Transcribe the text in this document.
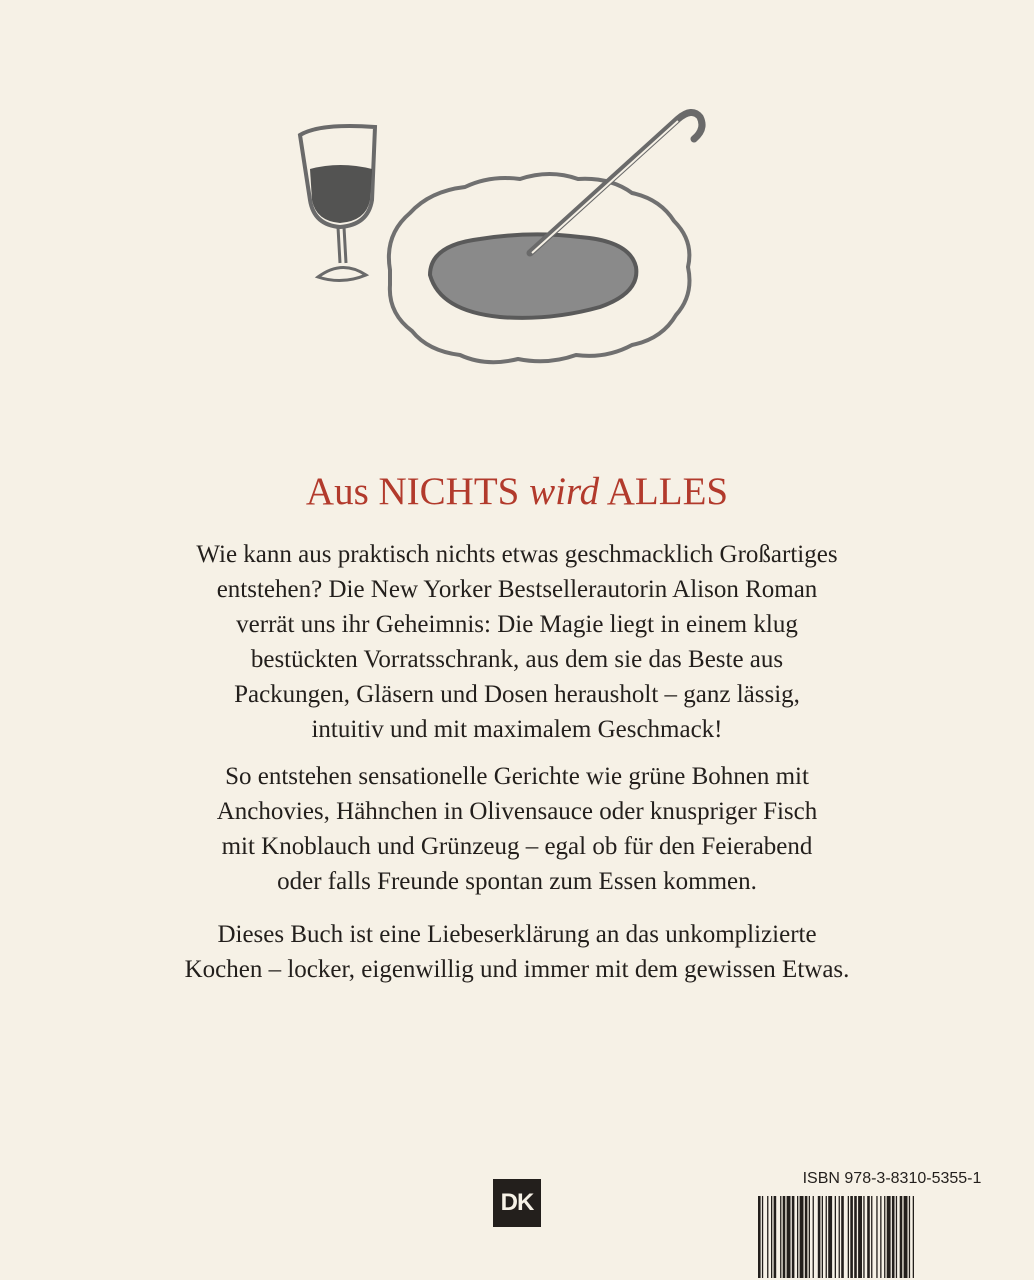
Aus NICHTS wird ALLES

Wie kann aus praktisch nichts etwas geschmacklich Großartiges
entstehen? Die New Yorker Bestsellerautorin Alison Roman
verrät uns ihr Geheimnis: Die Magie liegt in einem klug
bestückten Vorratsschrank, aus dem sie das Beste aus
Packungen, Gläsern und Dosen herausholt – ganz lässig,
intuitiv und mit maximalem Geschmack!

So entstehen sensationelle Gerichte wie grüne Bohnen mit
Anchovies, Hähnchen in Olivensauce oder knuspriger Fisch
mit Knoblauch und Grünzeug – egal ob für den Feierabend
oder falls Freunde spontan zum Essen kommen.

Dieses Buch ist eine Liebeserklärung an das unkomplizierte
Kochen – locker, eigenwillig und immer mit dem gewissen Etwas.

DK
ISBN 978-3-8310-5355-1
